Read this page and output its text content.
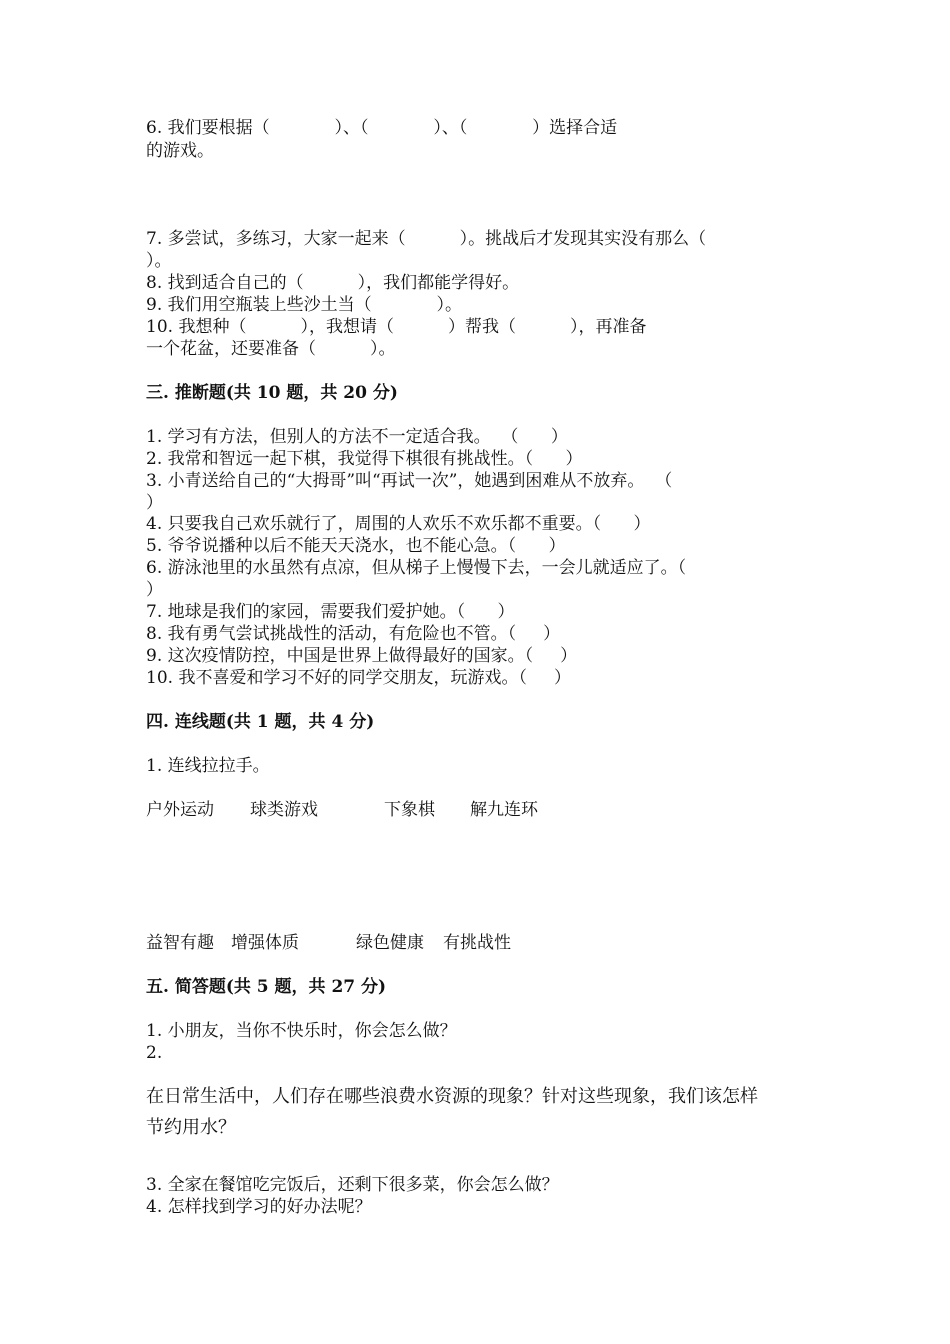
6. 我们要根据（            ）、（            ）、（            ）选择合适
的游戏。
7. 多尝试，多练习，大家一起来（          ）。挑战后才发现其实没有那么（
）。
8. 找到适合自己的（          ），我们都能学得好。
9. 我们用空瓶装上些沙土当（            ）。
10. 我想种（          ），我想请（          ）帮我（          ），再准备
一个花盆，还要准备（          ）。
三. 推断题(共 10 题，共 20 分)
1. 学习有方法，但别人的方法不一定适合我。  （      ）
2. 我常和智远一起下棋，我觉得下棋很有挑战性。（      ）
3. 小青送给自己的“大拇哥”叫“再试一次”，她遇到困难从不放弃。  （
）
4. 只要我自己欢乐就行了，周围的人欢乐不欢乐都不重要。（      ）
5. 爷爷说播种以后不能天天浇水，也不能心急。（      ）
6. 游泳池里的水虽然有点凉，但从梯子上慢慢下去，一会儿就适应了。（
）
7. 地球是我们的家园，需要我们爱护她。（      ）
8. 我有勇气尝试挑战性的活动，有危险也不管。（     ）
9. 这次疫情防控，中国是世界上做得最好的国家。（     ）
10. 我不喜爱和学习不好的同学交朋友，玩游戏。（     ）
四. 连线题(共 1 题，共 4 分)
1. 连线拉拉手。
户外运动 球类游戏	下象棋 解九连环
益智有趣 增强体质	绿色健康 有挑战性
五. 简答题(共 5 题，共 27 分)
1. 小朋友，当你不快乐时，你会怎么做？
2.
在日常生活中，人们存在哪些浪费水资源的现象？针对这些现象，我们该怎样
节约用水？
3. 全家在餐馆吃完饭后，还剩下很多菜，你会怎么做？
4. 怎样找到学习的好办法呢？
